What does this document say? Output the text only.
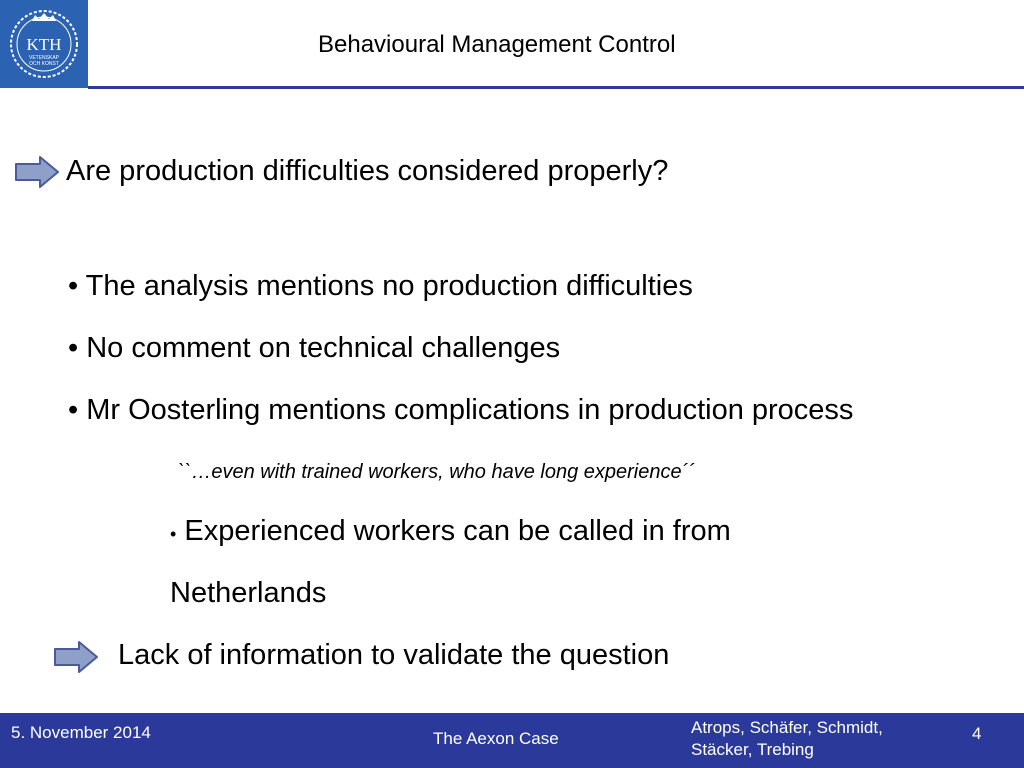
KTH
VETENSKAP
OCH KONST
Behavioural Management Control
Are production difficulties considered properly?
• The analysis mentions no production difficulties
• No comment on technical challenges
• Mr Oosterling mentions complications in production process
``…even with trained workers, who have long experience´´
• Experienced workers can be called in from
Netherlands
Lack of information to validate the question
5. November 2014	The Aexon Case
Atrops, Schäfer, Schmidt,
Stäcker, Trebing
4
